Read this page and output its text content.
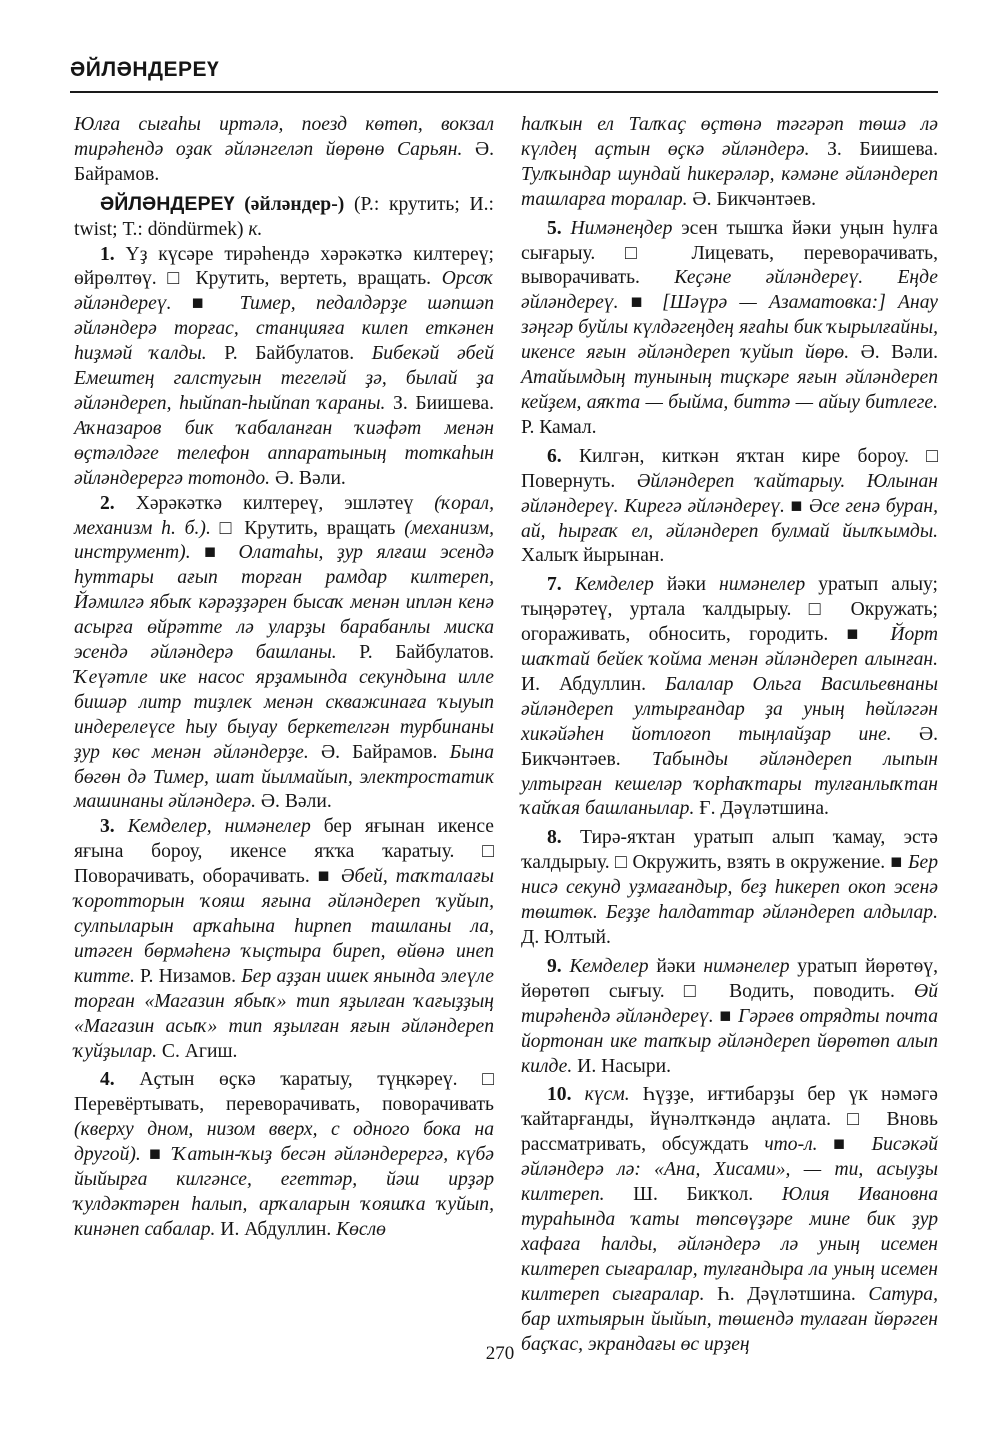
ӘЙЛӘНДЕРЕҮ

Юлға сығаһы иртәлә, поезд көтөп, вокзал тирәһендә оҙак әйләнгеләп йөрөнө Сарьян. Ә. Байрамов.

ӘЙЛӘНДЕРЕҮ (әйләндер-) (Р.: крутить; И.: twist; Т.: döndürmek) к.

1. Үҙ күсәре тирәһендә хәрәкәткә килтереү; өйрөлтөү. □ Крутить, вертеть, вращать. Орсоҡ әйләндереү. ■ Тимер, педалдәрҙе шәпшәп әйләндерә торғас, станцияға килеп еткәнен һиҙмәй ҡалды. Р. Байбулатов. Бибекәй әбей Емештең галстугын тегеләй ҙә, былай ҙа әйләндереп, һыйпап-һыйпап ҡараны. З. Биишева. Аҡназаров бик ҡабаланған ҡиәфәт менән өҫтәлдәге телефон аппаратының тоткаһын әйләндерергә тотондо. Ә. Вәли.

2. Хәрәкәткә килтереү, эшләтеү (ҡорал, механизм һ. б.). □ Крутить, вращать (механизм, инструмент). ■ Олатаһы, ҙур ялғаш эсендә һуттары ағып торған рамдар килтереп, Йәмилгә ябыҡ кәрәҙҙәрен бысаҡ менән иплән кенә асырға өйрәтте лә уларҙы барабанлы миска эсендә әйләндерә башланы. Р. Байбулатов. Ҡеүәтле ике насос ярҙамында секундына илле бишәр литр тиҙлек менән скважинаға ҡыуып индерелеүсе һыу быуау беркетелгән турбинаны ҙур көс менән әйләндерҙе. Ә. Байрамов. Бына бөгөн дә Тимер, шат йылмайып, электростатик машинаны әйләндерә. Ә. Вәли.

3. Кемделер, нимәнелер бер яғынан икенсе яғына бороу, икенсе яҡҡа ҡаратыу. □ Поворачивать, оборачивать. ■ Әбей, таҡталағы ҡоротторын ҡояш яғына әйләндереп ҡуйып, сулпыларын арҡаһына һирпеп ташланы ла, итәген бөрмәһенә ҡыҫтыра биреп, өйөнә инеп китте. Р. Низамов. Бер аҙҙан ишек янында элеүле торған «Магазин ябыҡ» тип яҙылған ҡағыҙҙың «Магазин асыҡ» тип яҙылған яғын әйләндереп ҡуйҙылар. С. Агиш.

4. Аҫтын өҫкә ҡаратыу, түңкәреү. □ Перевёртывать, переворачивать, поворачивать (кверху дном, низом вверх, с одного бока на другой). ■ Ҡатын-ҡыҙ бесән әйләндерергә, күбә йыйырға килгәнсе, егеттәр, йәш ирҙәр ҡулдәктәрен һалып, арҡаларын ҡояшҡа ҡуйып, кинәнеп сабалар. И. Абдуллин. Көслө

һалҡын ел Талҡаҫ өҫтөнә тәгәрәп төшә лә күлдең аҫтын өҫкә әйләндерә. З. Биишева. Тулҡындар шундай һикерәләр, кәмәне әйләндереп ташларға торалар. Ә. Бикчәнтәев.

5. Нимәнеңдер эсен тышҡа йәки уңын һулға сығарыу. □ Лицевать, переворачивать, выворачивать. Кеҫәне әйләндереү. Еңде әйләндереү. ■ [Шәүрә — Азаматовка:] Анау зәңгәр буйлы күлдәгеңдең яғаһы бик ҡырылғайны, икенсе яғын әйләндереп ҡуйып йөрө. Ә. Вәли. Атайымдың туныныӊ тиҫкәре яғын әйләндереп кейҙем, аяҡта — быйма, биттә — айыу битлеге. Р. Камал.

6. Килгән, киткән яҡтан кире бороу. □ Повернуть. Әйләндереп ҡайтарыу. Юлынан әйләндереү. Кирегә әйләндереү. ■ Әсе генә буран, ай, һырғаҡ ел, әйләндереп булмай йылҡымды. Халыҡ йырынан.

7. Кемделер йәки нимәнелер уратып алыу; тыңәрәтеү, уртала ҡалдырыу. □ Окружать; огораживать, обносить, городить. ■ Йорт шаҡтай бейек ҡойма менән әйләндереп алынған. И. Абдуллин. Балалар Ольга Васильевнаны әйләндереп ултырғандар ҙа уның һөйләгән хикәйәһен йотлоғоп тыңлайҙар ине. Ә. Бикчәнтәев. Табынды әйләндереп лыпын ултырған кешеләр ҡорһаҡтары тулғанлыҡтан ҡайҡая башланылар. Ғ. Дәүләтшина.

8. Тирә-яҡтан уратып алып ҡамау, эстә ҡалдырыу. □ Окружить, взять в окружение. ■ Бер нисә секунд уҙмағандыр, беҙ һикереп окоп эсенә төштөк. Беҙҙе һалдаттар әйләндереп алдылар. Д. Юлтый.

9. Кемделер йәки нимәнелер уратып йөрөтөү, йөрөтөп сығыу. □ Водить, поводить. Өй тирәһендә әйләндереү. ■ Гәрәев отрядты почта йортонан ике тапҡыр әйләндереп йөрөтөп алып килде. И. Насыри.

10. күсм. Һүҙҙе, иғтибарҙы бер үк нәмәгә ҡайтарғанды, йүнәлткәндә аңлата. □ Вновь рассматривать, обсуждать что-л. ■ Бисәкәй әйләндерә лә: «Ана, Хисами», — ти, асыуҙы килтереп. Ш. Бикҡол. Юлия Ивановна тураһында ҡаты төпсөүҙәре мине бик ҙур хафаға һалды, әйләндерә лә уның исемен килтереп сығаралар, тулғандыра ла уның исемен килтереп сығаралар. Һ. Дәүләтшина. Сатура, бар ихтыярын йыйып, төшендә тулаған йөрәген баҫҡас, экрандағы өс ирҙең

270
